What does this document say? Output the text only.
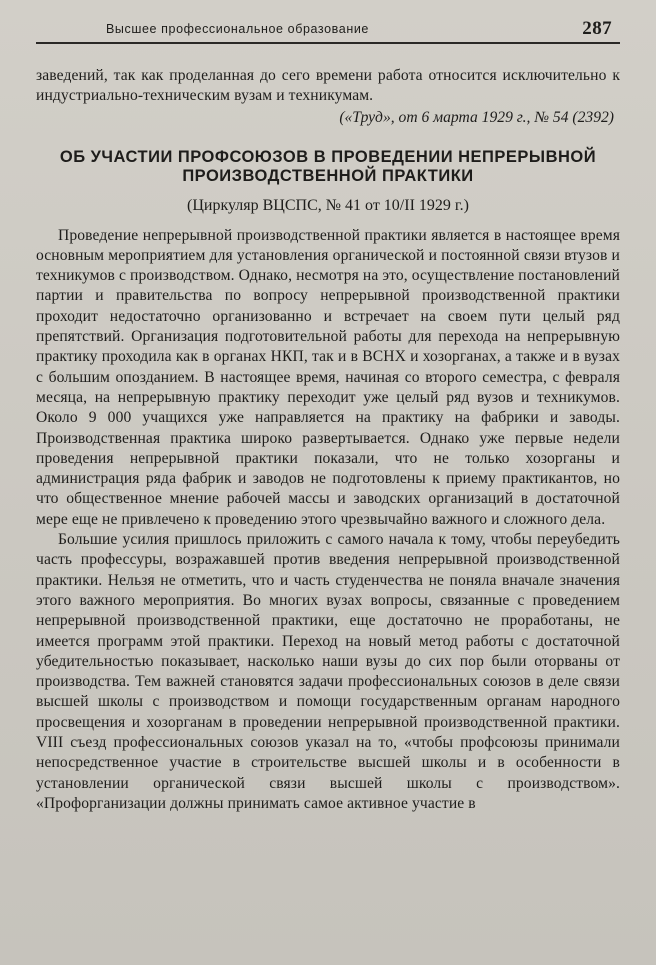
Высшее профессиональное образование	287

заведений, так как проделанная до сего времени работа относится исключительно к индустриально-техническим вузам и техникумам.

(«Труд», от 6 марта 1929 г., № 54 (2392)

ОБ УЧАСТИИ ПРОФСОЮЗОВ В ПРОВЕДЕНИИ НЕПРЕРЫВНОЙ ПРОИЗВОДСТВЕННОЙ ПРАКТИКИ
(Циркуляр ВЦСПС, № 41 от 10/II 1929 г.)

Проведение непрерывной производственной практики является в настоящее время основным мероприятием для установления органической и постоянной связи втузов и техникумов с производством. Однако, несмотря на это, осуществление постановлений партии и правительства по вопросу непрерывной производственной практики проходит недостаточно организованно и встречает на своем пути целый ряд препятствий. Организация подготовительной работы для перехода на непрерывную практику проходила как в органах НКП, так и в ВСНХ и хозорганах, а также и в вузах с большим опозданием. В настоящее время, начиная со второго семестра, с февраля месяца, на непрерывную практику переходит уже целый ряд вузов и техникумов. Около 9 000 учащихся уже направляется на практику на фабрики и заводы. Производственная практика широко развертывается. Однако уже первые недели проведения непрерывной практики показали, что не только хозорганы и администрация ряда фабрик и заводов не подготовлены к приему практикантов, но что общественное мнение рабочей массы и заводских организаций в достаточной мере еще не привлечено к проведению этого чрезвычайно важного и сложного дела.

Большие усилия пришлось приложить с самого начала к тому, чтобы переубедить часть профессуры, возражавшей против введения непрерывной производственной практики. Нельзя не отметить, что и часть студенчества не поняла вначале значения этого важного мероприятия. Во многих вузах вопросы, связанные с проведением непрерывной производственной практики, еще достаточно не проработаны, не имеется программ этой практики. Переход на новый метод работы с достаточной убедительностью показывает, насколько наши вузы до сих пор были оторваны от производства. Тем важней становятся задачи профессиональных союзов в деле связи высшей школы с производством и помощи государственным органам народного просвещения и хозорганам в проведении непрерывной производственной практики. VIII съезд профессиональных союзов указал на то, «чтобы профсоюзы принимали непосредственное участие в строительстве высшей школы и в особенности в установлении органической связи высшей школы с производством». «Профорганизации должны принимать самое активное участие в
